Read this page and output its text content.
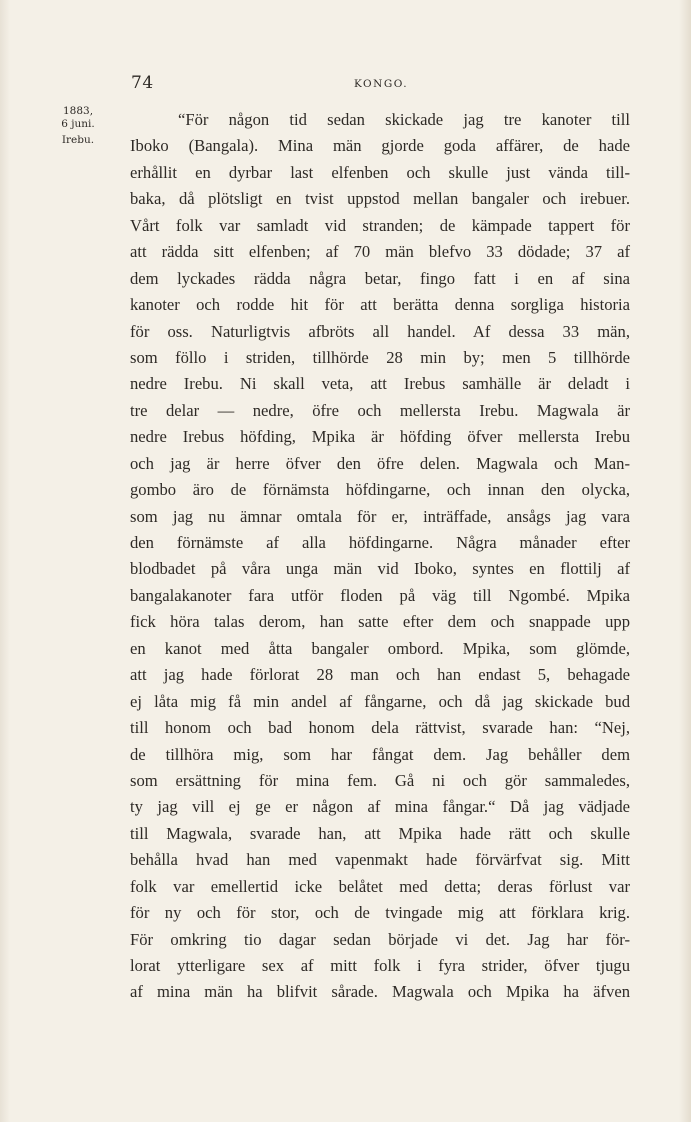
74	KONGO.
1883,
6 juni.
Irebu.
“För någon tid sedan skickade jag tre kanoter till
Iboko (Bangala). Mina män gjorde goda affärer, de hade
erhållit en dyrbar last elfenben och skulle just vända till-
baka, då plötsligt en tvist uppstod mellan bangaler och irebuer.
Vårt folk var samladt vid stranden; de kämpade tappert för
att rädda sitt elfenben; af 70 män blefvo 33 dödade; 37 af
dem lyckades rädda några betar, fingo fatt i en af sina
kanoter och rodde hit för att berätta denna sorgliga historia
för oss. Naturligtvis afbröts all handel. Af dessa 33 män,
som föllo i striden, tillhörde 28 min by; men 5 tillhörde
nedre Irebu. Ni skall veta, att Irebus samhälle är deladt i
tre delar — nedre, öfre och mellersta Irebu. Magwala är
nedre Irebus höfding, Mpika är höfding öfver mellersta Irebu
och jag är herre öfver den öfre delen. Magwala och Man-
gombo äro de förnämsta höfdingarne, och innan den olycka,
som jag nu ämnar omtala för er, inträffade, ansågs jag vara
den förnämste af alla höfdingarne. Några månader efter
blodbadet på våra unga män vid Iboko, syntes en flottilj af
bangalakanoter fara utför floden på väg till Ngombé. Mpika
fick höra talas derom, han satte efter dem och snappade upp
en kanot med åtta bangaler ombord. Mpika, som glömde,
att jag hade förlorat 28 man och han endast 5, behagade
ej låta mig få min andel af fångarne, och då jag skickade bud
till honom och bad honom dela rättvist, svarade han: “Nej,
de tillhöra mig, som har fångat dem. Jag behåller dem
som ersättning för mina fem. Gå ni och gör sammaledes,
ty jag vill ej ge er någon af mina fångar.“ Då jag vädjade
till Magwala, svarade han, att Mpika hade rätt och skulle
behålla hvad han med vapenmakt hade förvärfvat sig. Mitt
folk var emellertid icke belåtet med detta; deras förlust var
för ny och för stor, och de tvingade mig att förklara krig.
För omkring tio dagar sedan började vi det. Jag har för-
lorat ytterligare sex af mitt folk i fyra strider, öfver tjugu
af mina män ha blifvit sårade. Magwala och Mpika ha äfven
